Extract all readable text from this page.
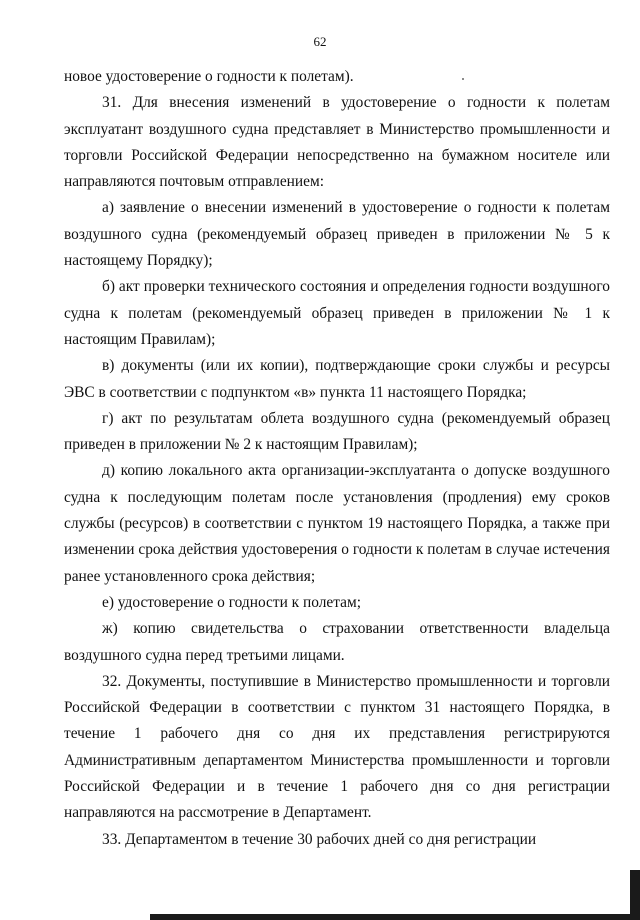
62

новое удостоверение о годности к полетам).

31. Для внесения изменений в удостоверение о годности к полетам эксплуатант воздушного судна представляет в Министерство промышленности и торговли Российской Федерации непосредственно на бумажном носителе или направляются почтовым отправлением:

а) заявление о внесении изменений в удостоверение о годности к полетам воздушного судна (рекомендуемый образец приведен в приложении № 5 к настоящему Порядку);

б) акт проверки технического состояния и определения годности воздушного судна к полетам (рекомендуемый образец приведен в приложении № 1 к настоящим Правилам);

в) документы (или их копии), подтверждающие сроки службы и ресурсы ЭВС в соответствии с подпунктом «в» пункта 11 настоящего Порядка;

г) акт по результатам облета воздушного судна (рекомендуемый образец приведен в приложении № 2 к настоящим Правилам);

д) копию локального акта организации-эксплуатанта о допуске воздушного судна к последующим полетам после установления (продления) ему сроков службы (ресурсов) в соответствии с пунктом 19 настоящего Порядка, а также при изменении срока действия удостоверения о годности к полетам в случае истечения ранее установленного срока действия;

е) удостоверение о годности к полетам;

ж) копию свидетельства о страховании ответственности владельца воздушного судна перед третьими лицами.

32. Документы, поступившие в Министерство промышленности и торговли Российской Федерации в соответствии с пунктом 31 настоящего Порядка, в течение 1 рабочего дня со дня их представления регистрируются Административным департаментом Министерства промышленности и торговли Российской Федерации и в течение 1 рабочего дня со дня регистрации направляются на рассмотрение в Департамент.

33. Департаментом в течение 30 рабочих дней со дня регистрации
